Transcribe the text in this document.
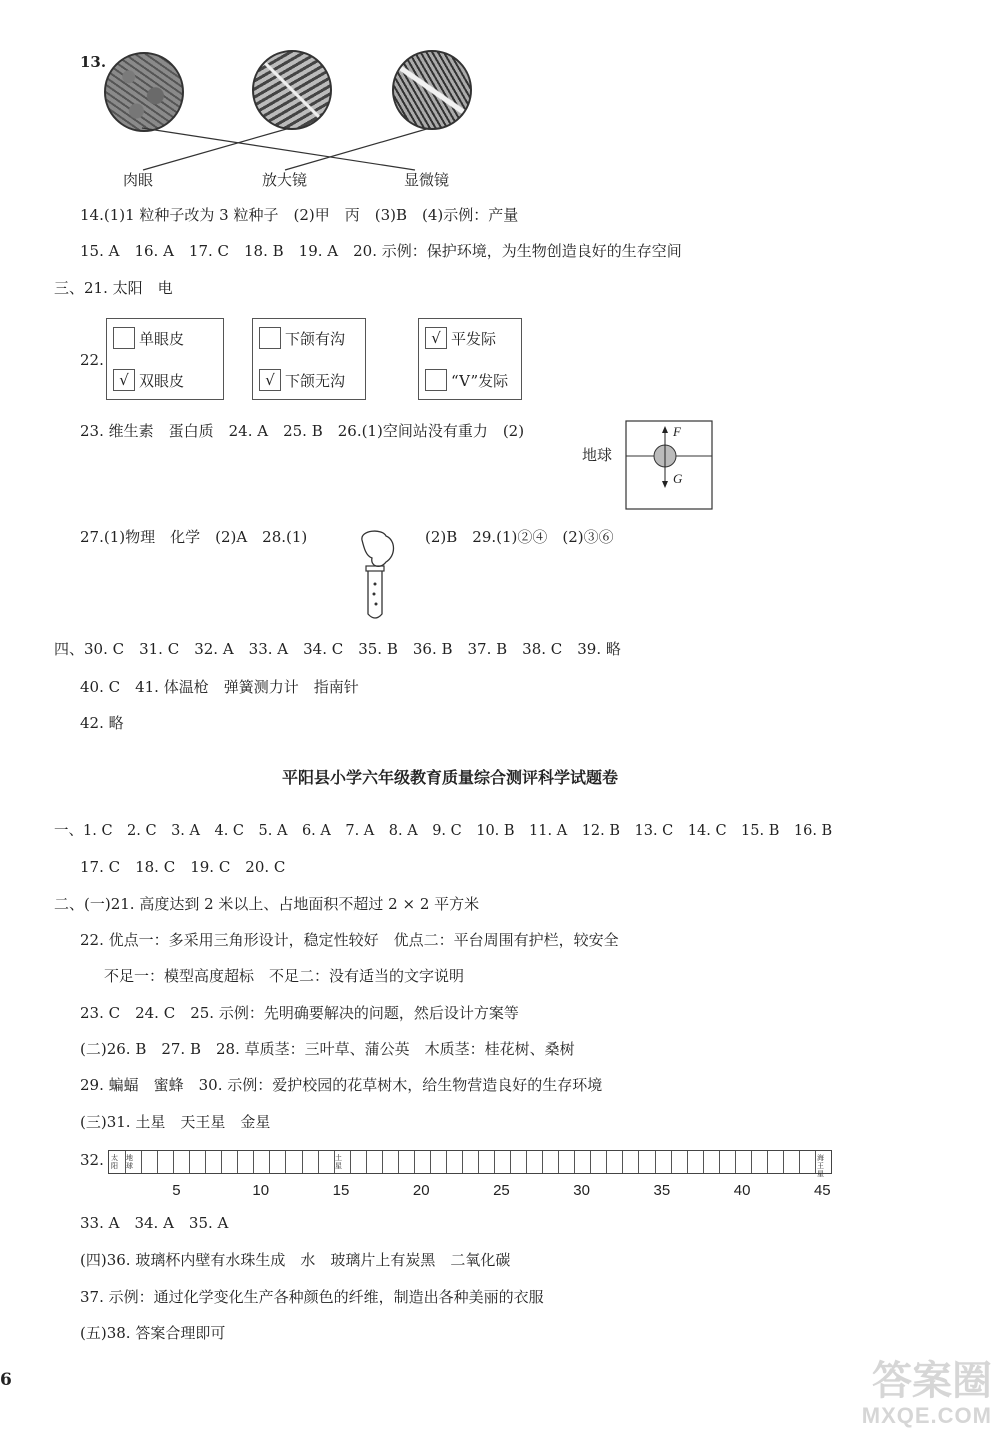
13.
肉眼	放大镜	显微镜
14.(1)1 粒种子改为 3 粒种子　(2)甲　丙　(3)B　(4)示例：产量
15. A　16. A　17. C　18. B　19. A　20. 示例：保护环境，为生物创造良好的生存空间
三、21. 太阳　电
22.
单眼皮
√ 双眼皮
下颌有沟
√ 下颌无沟
√ 平发际
“V”发际
23. 维生素　蛋白质　24. A　25. B　26.(1)空间站没有重力　(2)
地球
F
G
27.(1)物理　化学　(2)A　28.(1)	(2)B　29.(1)②④　(2)③⑥
四、30. C　31. C　32. A　33. A　34. C　35. B　36. B　37. B　38. C　39. 略
40. C　41. 体温枪　弹簧测力计　指南针
42. 略
平阳县小学六年级教育质量综合测评科学试题卷
一、1. C　2. C　3. A　4. C　5. A　6. A　7. A　8. A　9. C　10. B　11. A　12. B　13. C　14. C　15. B　16. B
17. C　18. C　19. C　20. C
二、(一)21. 高度达到 2 米以上、占地面积不超过 2 × 2 平方米
22. 优点一：多采用三角形设计，稳定性较好　优点二：平台周围有护栏，较安全
不足一：模型高度超标　不足二：没有适当的文字说明
23. C　24. C　25. 示例：先明确要解决的问题，然后设计方案等
(二)26. B　27. B　28. 草质茎：三叶草、蒲公英　木质茎：桂花树、桑树
29. 蝙蝠　蜜蜂　30. 示例：爱护校园的花草树木，给生物营造良好的生存环境
(三)31. 土星　天王星　金星
32. 太阳
地球
土星
海王星
5	10	15	20	25	30	35	40	45
33. A　34. A　35. A
(四)36. 玻璃杯内壁有水珠生成　水　玻璃片上有炭黑　二氧化碳
37. 示例：通过化学变化生产各种颜色的纤维，制造出各种美丽的衣服
(五)38. 答案合理即可
6	答案圈
MXQE.COM
